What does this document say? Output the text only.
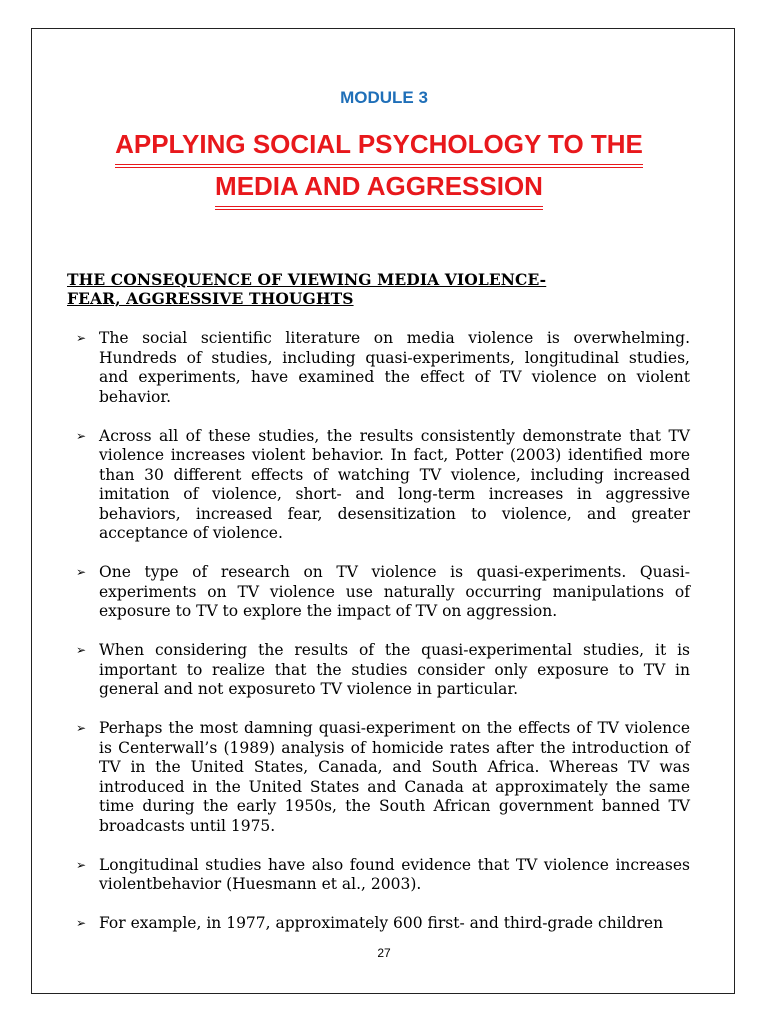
MODULE 3

APPLYING SOCIAL PSYCHOLOGY TO THE
MEDIA AND AGGRESSION
THE CONSEQUENCE OF VIEWING MEDIA VIOLENCE-
FEAR, AGGRESSIVE THOUGHTS
➢ The social scientific literature on media violence is overwhelming. Hundreds of studies, including quasi-experiments, longitudinal studies, and experiments, have examined the effect of TV violence on violent behavior.
➢ Across all of these studies, the results consistently demonstrate that TV violence increases violent behavior. In fact, Potter (2003) identified more than 30 different effects of watching TV violence, including increased imitation of violence, short- and long-term increases in aggressive behaviors, increased fear, desensitization to violence, and greater acceptance of violence.
➢ One type of research on TV violence is quasi-experiments. Quasi-experiments on TV violence use naturally occurring manipulations of exposure to TV to explore the impact of TV on aggression.
➢ When considering the results of the quasi-experimental studies, it is important to realize that the studies consider only exposure to TV in general and not exposureto TV violence in particular.
➢ Perhaps the most damning quasi-experiment on the effects of TV violence is Centerwall’s (1989) analysis of homicide rates after the introduction of TV in the United States, Canada, and South Africa. Whereas TV was introduced in the United States and Canada at approximately the same time during the early 1950s, the South African government banned TV broadcasts until 1975.
➢ Longitudinal studies have also found evidence that TV violence increases violentbehavior (Huesmann et al., 2003).
➢ For example, in 1977, approximately 600 first- and third-grade children

27
